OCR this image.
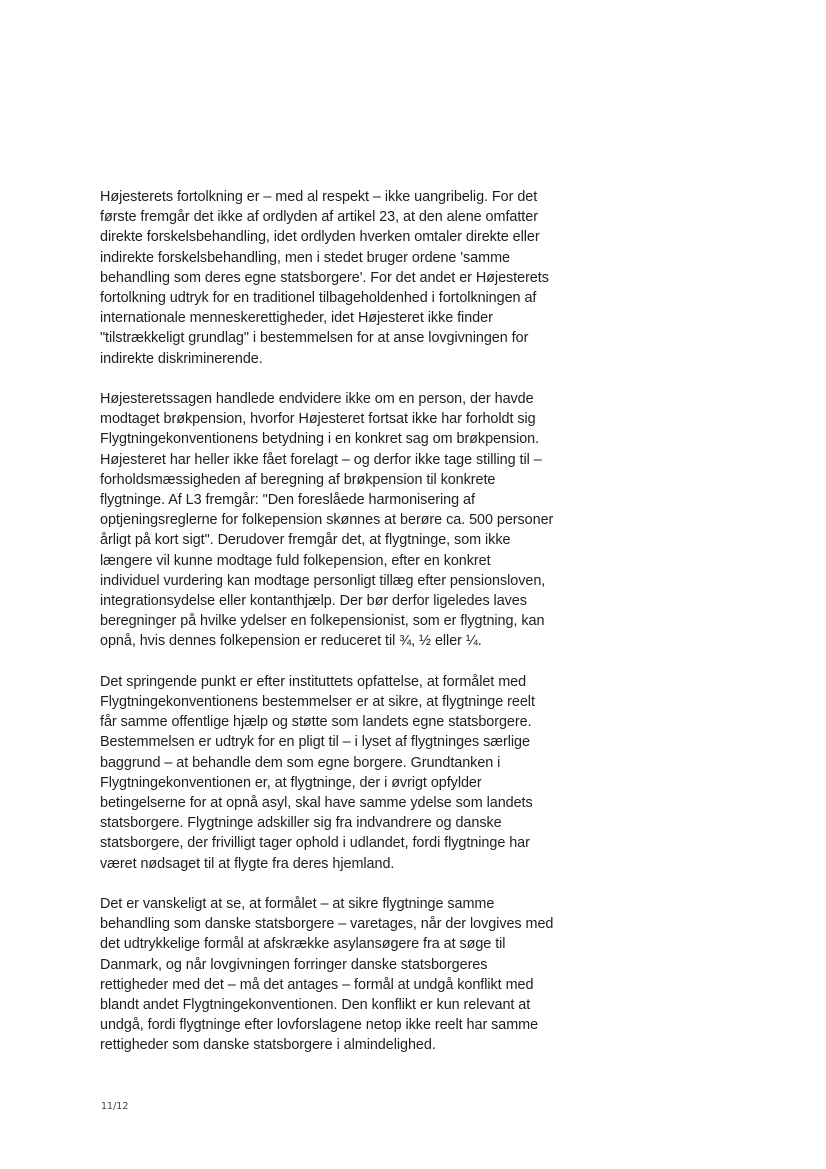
Højesterets fortolkning er – med al respekt – ikke uangribelig. For det
første fremgår det ikke af ordlyden af artikel 23, at den alene omfatter
direkte forskelsbehandling, idet ordlyden hverken omtaler direkte eller
indirekte forskelsbehandling, men i stedet bruger ordene 'samme
behandling som deres egne statsborgere'. For det andet er Højesterets
fortolkning udtryk for en traditionel tilbageholdenhed i fortolkningen af
internationale menneskerettigheder, idet Højesteret ikke finder
"tilstrækkeligt grundlag" i bestemmelsen for at anse lovgivningen for
indirekte diskriminerende.

Højesteretssagen handlede endvidere ikke om en person, der havde
modtaget brøkpension, hvorfor Højesteret fortsat ikke har forholdt sig
Flygtningekonventionens betydning i en konkret sag om brøkpension.
Højesteret har heller ikke fået forelagt – og derfor ikke tage stilling til –
forholdsmæssigheden af beregning af brøkpension til konkrete
flygtninge. Af L3 fremgår: "Den foreslåede harmonisering af
optjeningsreglerne for folkepension skønnes at berøre ca. 500 personer
årligt på kort sigt". Derudover fremgår det, at flygtninge, som ikke
længere vil kunne modtage fuld folkepension, efter en konkret
individuel vurdering kan modtage personligt tillæg efter pensionsloven,
integrationsydelse eller kontanthjælp. Der bør derfor ligeledes laves
beregninger på hvilke ydelser en folkepensionist, som er flygtning, kan
opnå, hvis dennes folkepension er reduceret til ¾, ½ eller ¼.

Det springende punkt er efter instituttets opfattelse, at formålet med
Flygtningekonventionens bestemmelser er at sikre, at flygtninge reelt
får samme offentlige hjælp og støtte som landets egne statsborgere.
Bestemmelsen er udtryk for en pligt til – i lyset af flygtninges særlige
baggrund – at behandle dem som egne borgere. Grundtanken i
Flygtningekonventionen er, at flygtninge, der i øvrigt opfylder
betingelserne for at opnå asyl, skal have samme ydelse som landets
statsborgere. Flygtninge adskiller sig fra indvandrere og danske
statsborgere, der frivilligt tager ophold i udlandet, fordi flygtninge har
været nødsaget til at flygte fra deres hjemland.

Det er vanskeligt at se, at formålet – at sikre flygtninge samme
behandling som danske statsborgere – varetages, når der lovgives med
det udtrykkelige formål at afskrække asylansøgere fra at søge til
Danmark, og når lovgivningen forringer danske statsborgeres
rettigheder med det – må det antages – formål at undgå konflikt med
blandt andet Flygtningekonventionen. Den konflikt er kun relevant at
undgå, fordi flygtninge efter lovforslagene netop ikke reelt har samme
rettigheder som danske statsborgere i almindelighed.

11/12
